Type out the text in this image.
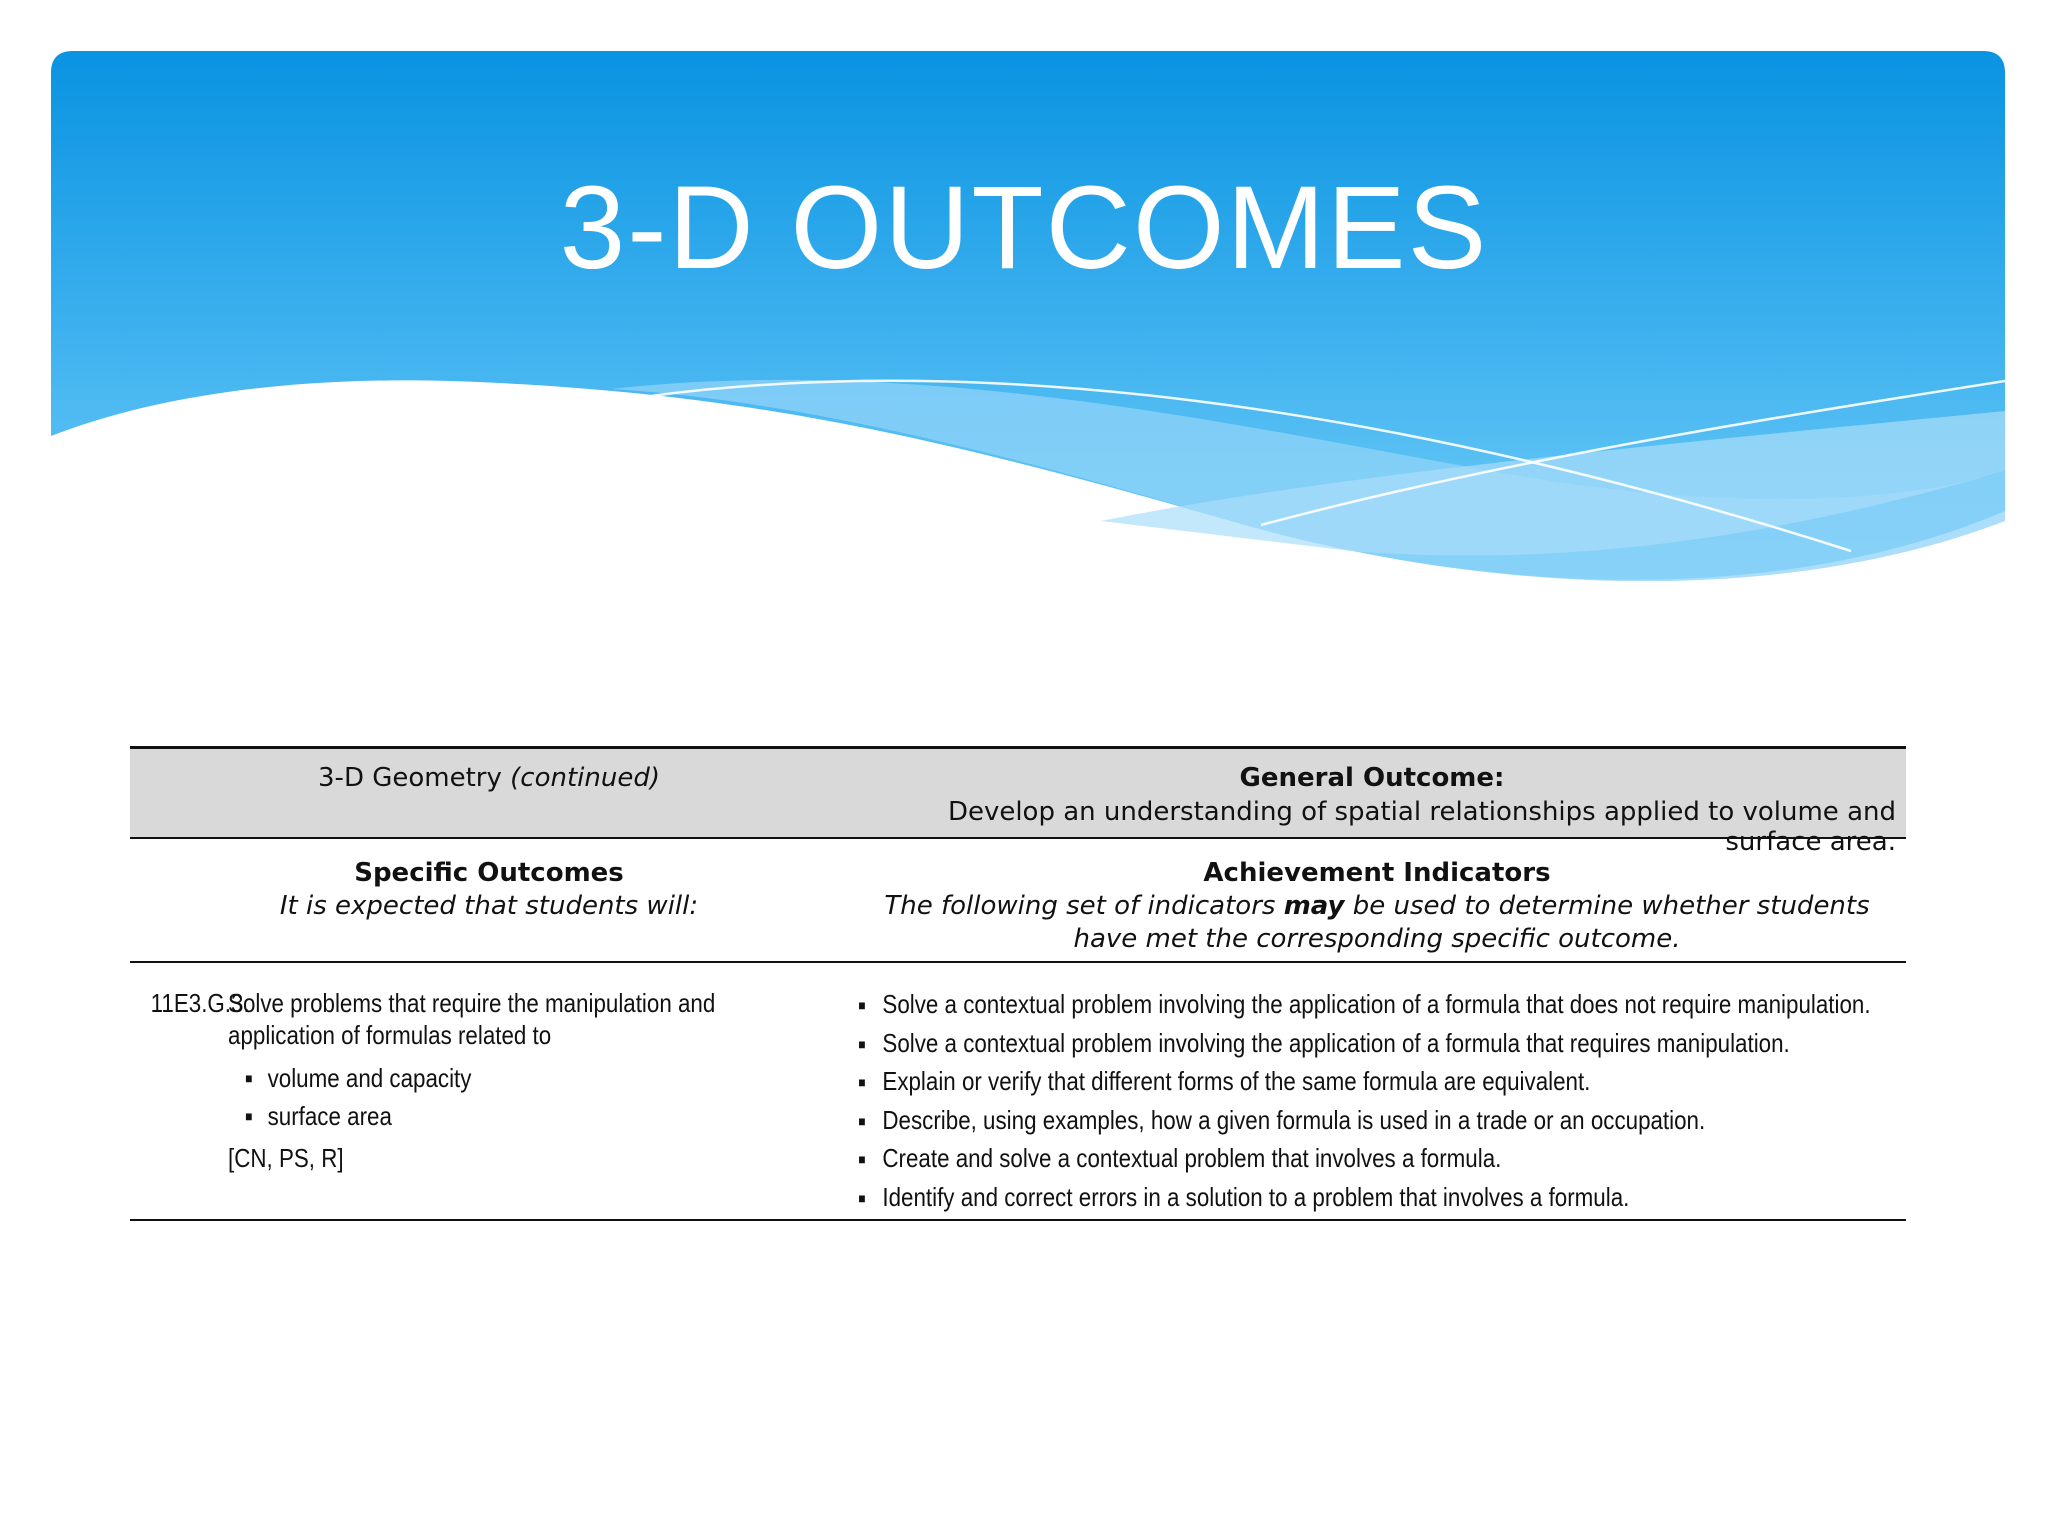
3-D OUTCOMES
3-D Geometry (continued)	General Outcome:
Develop an understanding of spatial relationships applied to volume and surface area.
Specific Outcomes
It is expected that students will:
Achievement Indicators
The following set of indicators may be used to determine whether students
have met the corresponding specific outcome.
11E3.G.3.Solve problems that require the manipulation and
application of formulas related to
■ volume and capacity
■ surface area
[CN, PS, R]
■ Solve a contextual problem involving the application of a formula that does not require manipulation.
■ Solve a contextual problem involving the application of a formula that requires manipulation.
■ Explain or verify that different forms of the same formula are equivalent.
■ Describe, using examples, how a given formula is used in a trade or an occupation.
■ Create and solve a contextual problem that involves a formula.
■ Identify and correct errors in a solution to a problem that involves a formula.
